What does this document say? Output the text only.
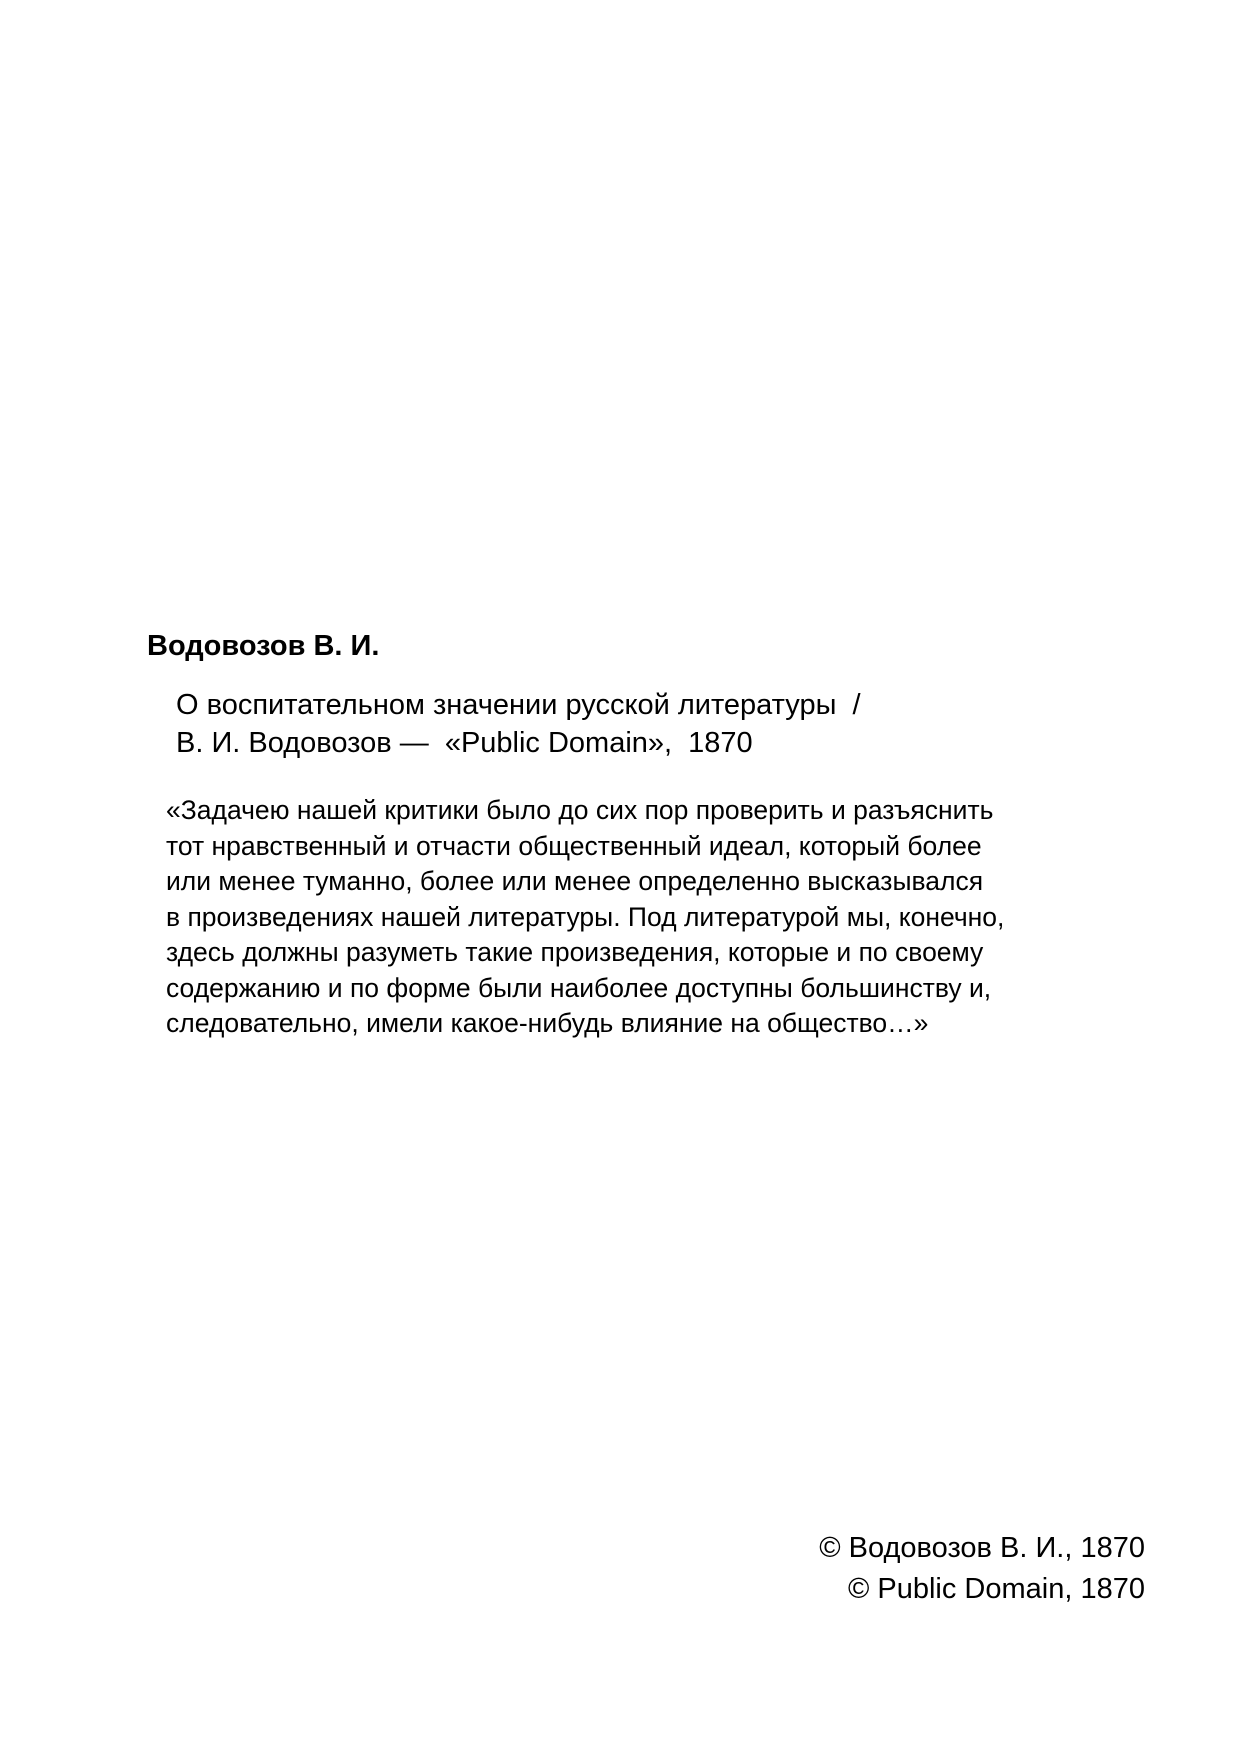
Водовозов В. И.
О воспитательном значении русской литературы /
В. И. Водовозов — «Public Domain», 1870
«Задачею нашей критики было до сих пор проверить и разъяснить
тот нравственный и отчасти общественный идеал, который более
или менее туманно, более или менее определенно высказывался
в произведениях нашей литературы. Под литературой мы, конечно,
здесь должны разуметь такие произведения, которые и по своему
содержанию и по форме были наиболее доступны большинству и,
следовательно, имели какое-нибудь влияние на общество…»
© Водовозов В. И., 1870
© Public Domain, 1870
